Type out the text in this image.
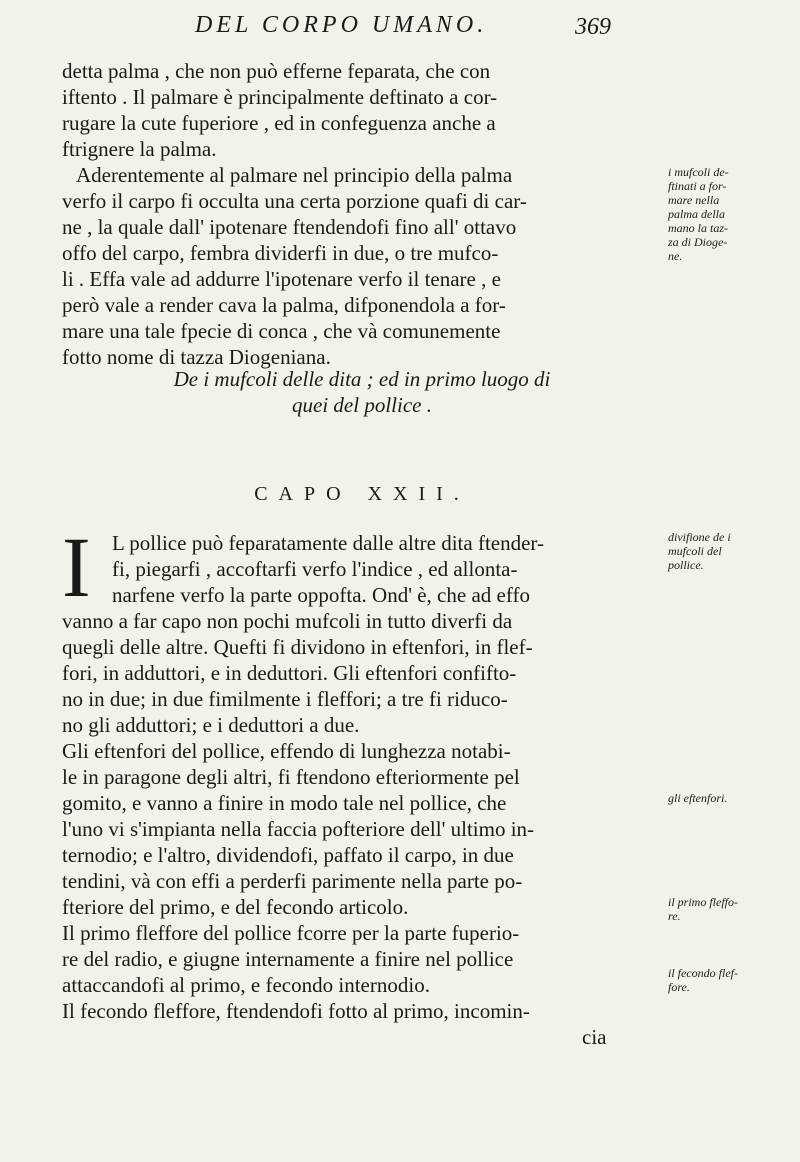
DEL CORPO UMANO.	369
detta palma , che non può efferne feparata, che con
iftento . Il palmare è principalmente deftinato a cor-
rugare la cute fuperiore , ed in confeguenza anche a
ftrignere la palma.
Aderentemente al palmare nel principio della palma
verfo il carpo fi occulta una certa porzione quafi di car-
ne , la quale dall' ipotenare ftendendofi fino all' ottavo
offo del carpo, fembra dividerfi in due, o tre mufco-
li . Effa vale ad addurre l'ipotenare verfo il tenare , e
però vale a render cava la palma, difponendola a for-
mare una tale fpecie di conca , che và comunemente
fotto nome di tazza Diogeniana.
De i mufcoli delle dita ; ed in primo luogo di
quei del pollice .
CAPO XXII.
I L pollice può feparatamente dalle altre dita ftender-
fi, piegarfi , accoftarfi verfo l'indice , ed allonta-
narfene verfo la parte oppofta. Ond' è, che ad effo
vanno a far capo non pochi mufcoli in tutto diverfi da
quegli delle altre. Quefti fi dividono in eftenfori, in flef-
fori, in adduttori, e in deduttori. Gli eftenfori confifto-
no in due; in due fimilmente i fleffori; a tre fi riduco-
no gli adduttori; e i deduttori a due.
Gli eftenfori del pollice, effendo di lunghezza notabi-
le in paragone degli altri, fi ftendono efteriormente pel
gomito, e vanno a finire in modo tale nel pollice, che
l'uno vi s'impianta nella faccia pofteriore dell' ultimo in-
ternodio; e l'altro, dividendofi, paffato il carpo, in due
tendini, và con effi a perderfi parimente nella parte po-
fteriore del primo, e del fecondo articolo.
Il primo fleffore del pollice fcorre per la parte fuperio-
re del radio, e giugne internamente a finire nel pollice
attaccandofi al primo, e fecondo internodio.
Il fecondo fleffore, ftendendofi fotto al primo, incomin-
cia
i mufcoli de-
ftinati a for-
mare nella
palma della
mano la taz-
za di Dioge-
ne.
divifione de i
mufcoli del
pollice.
gli eftenfori.
il primo fleffo-
re.
il fecondo flef-
fore.
